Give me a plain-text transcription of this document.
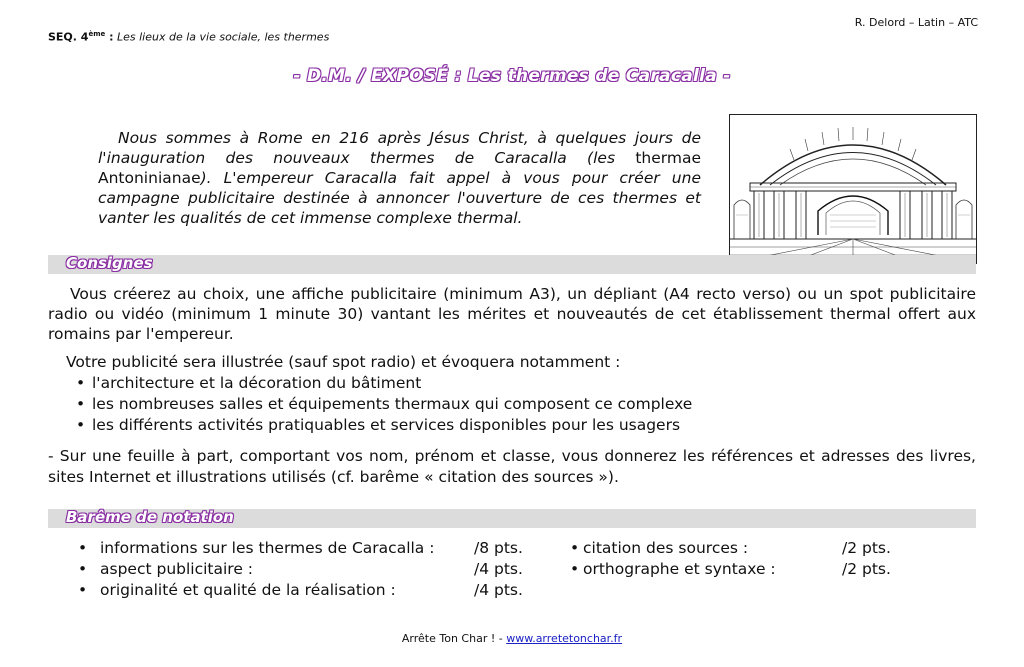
SEQ. 4ème : Les lieux de la vie sociale, les thermes
R. Delord – Latin – ATC
- D.M. / EXPOSÉ : Les thermes de Caracalla -
Nous sommes à Rome en 216 après Jésus Christ, à quelques jours de l'inauguration des nouveaux thermes de Caracalla (les thermae Antoninianae). L'empereur Caracalla fait appel à vous pour créer une campagne publicitaire destinée à annoncer l'ouverture de ces thermes et vanter les qualités de cet immense complexe thermal.
Consignes
Vous créerez au choix, une affiche publicitaire (minimum A3), un dépliant (A4 recto verso) ou un spot publicitaire radio ou vidéo (minimum 1 minute 30) vantant les mérites et nouveautés de cet établissement thermal offert aux romains par l'empereur.
Votre publicité sera illustrée (sauf spot radio) et évoquera notamment :
• l'architecture et la décoration du bâtiment
• les nombreuses salles et équipements thermaux qui composent ce complexe
• les différents activités pratiquables et services disponibles pour les usagers
- Sur une feuille à part, comportant vos nom, prénom et classe, vous donnerez les références et adresses des livres, sites Internet et illustrations utilisés (cf. barême « citation des sources »).
Barême de notation
• informations sur les thermes de Caracalla :	/8 pts.
• aspect publicitaire :	/4 pts.
• originalité et qualité de la réalisation :	/4 pts.
• citation des sources :	/2 pts.
• orthographe et syntaxe :	/2 pts.
Arrête Ton Char ! - www.arretetonchar.fr
